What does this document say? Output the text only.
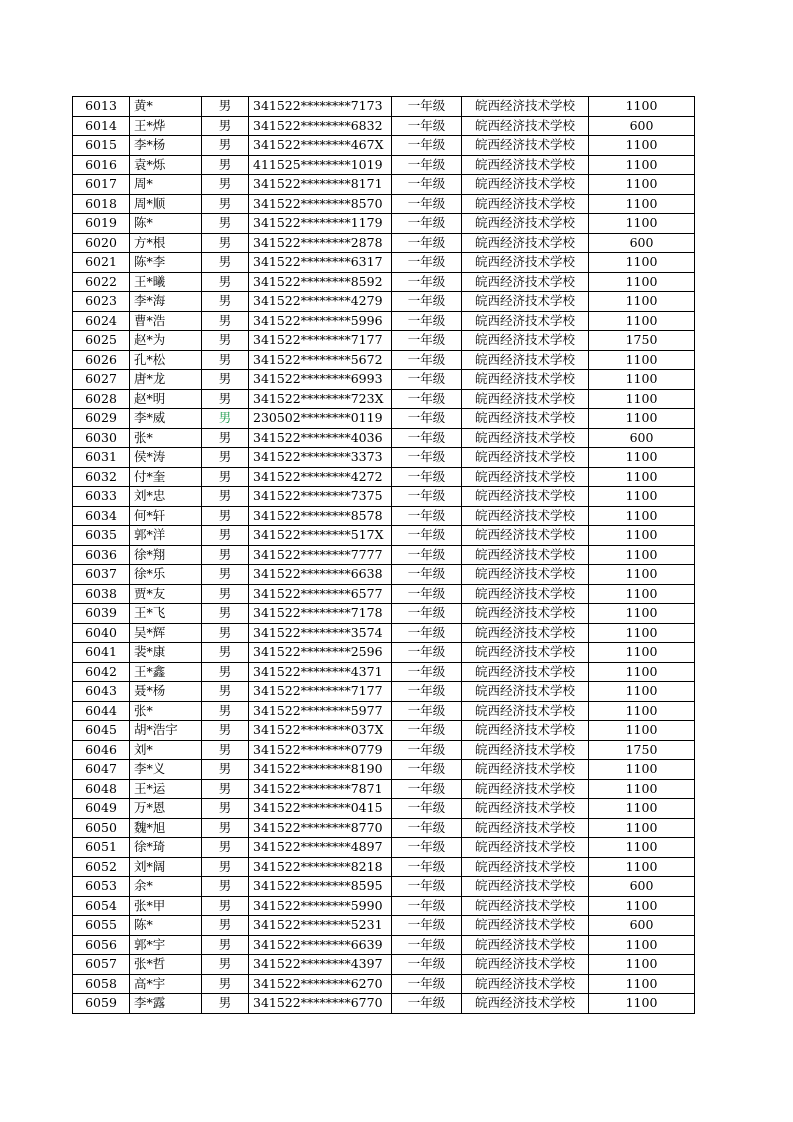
6013	黄*	男	341522********7173	一年级	皖西经济技术学校	1100
6014	王*烨	男	341522********6832	一年级	皖西经济技术学校	600
6015	李*杨	男	341522********467X	一年级	皖西经济技术学校	1100
6016	袁*烁	男	411525********1019	一年级	皖西经济技术学校	1100
6017	周*	男	341522********8171	一年级	皖西经济技术学校	1100
6018	周*顺	男	341522********8570	一年级	皖西经济技术学校	1100
6019	陈*	男	341522********1179	一年级	皖西经济技术学校	1100
6020	方*根	男	341522********2878	一年级	皖西经济技术学校	600
6021	陈*李	男	341522********6317	一年级	皖西经济技术学校	1100
6022	王*曦	男	341522********8592	一年级	皖西经济技术学校	1100
6023	李*海	男	341522********4279	一年级	皖西经济技术学校	1100
6024	曹*浩	男	341522********5996	一年级	皖西经济技术学校	1100
6025	赵*为	男	341522********7177	一年级	皖西经济技术学校	1750
6026	孔*松	男	341522********5672	一年级	皖西经济技术学校	1100
6027	唐*龙	男	341522********6993	一年级	皖西经济技术学校	1100
6028	赵*明	男	341522********723X	一年级	皖西经济技术学校	1100
6029	李*威	男	230502********0119	一年级	皖西经济技术学校	1100
6030	张*	男	341522********4036	一年级	皖西经济技术学校	600
6031	侯*涛	男	341522********3373	一年级	皖西经济技术学校	1100
6032	付*奎	男	341522********4272	一年级	皖西经济技术学校	1100
6033	刘*忠	男	341522********7375	一年级	皖西经济技术学校	1100
6034	何*轩	男	341522********8578	一年级	皖西经济技术学校	1100
6035	郭*洋	男	341522********517X	一年级	皖西经济技术学校	1100
6036	徐*翔	男	341522********7777	一年级	皖西经济技术学校	1100
6037	徐*乐	男	341522********6638	一年级	皖西经济技术学校	1100
6038	贾*友	男	341522********6577	一年级	皖西经济技术学校	1100
6039	王*飞	男	341522********7178	一年级	皖西经济技术学校	1100
6040	吴*辉	男	341522********3574	一年级	皖西经济技术学校	1100
6041	裴*康	男	341522********2596	一年级	皖西经济技术学校	1100
6042	王*鑫	男	341522********4371	一年级	皖西经济技术学校	1100
6043	聂*杨	男	341522********7177	一年级	皖西经济技术学校	1100
6044	张*	男	341522********5977	一年级	皖西经济技术学校	1100
6045	胡*浩宇	男	341522********037X	一年级	皖西经济技术学校	1100
6046	刘*	男	341522********0779	一年级	皖西经济技术学校	1750
6047	李*义	男	341522********8190	一年级	皖西经济技术学校	1100
6048	王*运	男	341522********7871	一年级	皖西经济技术学校	1100
6049	万*恩	男	341522********0415	一年级	皖西经济技术学校	1100
6050	魏*旭	男	341522********8770	一年级	皖西经济技术学校	1100
6051	徐*琦	男	341522********4897	一年级	皖西经济技术学校	1100
6052	刘*阔	男	341522********8218	一年级	皖西经济技术学校	1100
6053	余*	男	341522********8595	一年级	皖西经济技术学校	600
6054	张*甲	男	341522********5990	一年级	皖西经济技术学校	1100
6055	陈*	男	341522********5231	一年级	皖西经济技术学校	600
6056	郭*宇	男	341522********6639	一年级	皖西经济技术学校	1100
6057	张*哲	男	341522********4397	一年级	皖西经济技术学校	1100
6058	高*宇	男	341522********6270	一年级	皖西经济技术学校	1100
6059	李*露	男	341522********6770	一年级	皖西经济技术学校	1100
